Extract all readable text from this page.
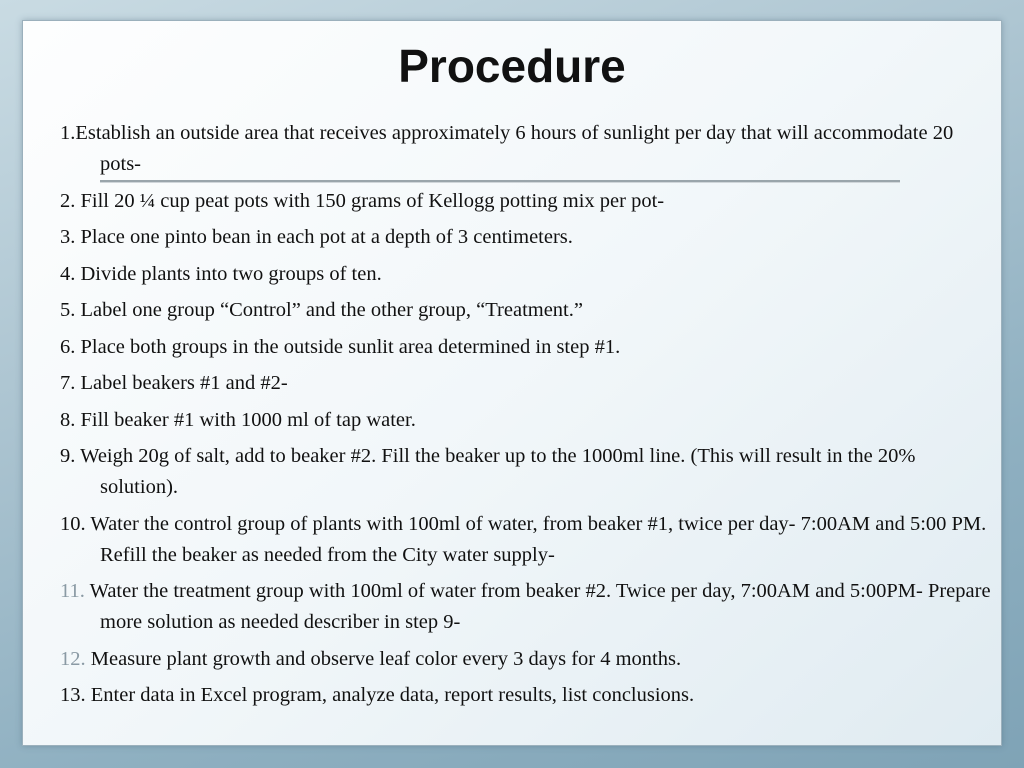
Procedure
1.Establish an outside area that receives approximately 6 hours of sunlight per day that will accommodate 20 pots-
2. Fill 20 ¼ cup peat pots with 150 grams of Kellogg potting mix per pot-
3. Place one pinto bean in each pot at a depth of 3 centimeters.
4. Divide plants into two groups of ten.
5. Label one group “Control” and the other group, “Treatment.”
6. Place both groups in the outside sunlit area determined in step #1.
7. Label beakers #1 and #2-
8. Fill beaker #1 with 1000 ml of tap water.
9. Weigh 20g of salt, add to beaker #2. Fill the beaker up to the 1000ml line. (This will result in the 20% solution).
10. Water the control group of plants with 100ml of water, from beaker #1, twice per day- 7:00AM and 5:00 PM. Refill the beaker as needed from the City water supply-
11. Water the treatment group with 100ml of water from beaker #2. Twice per day, 7:00AM and 5:00PM- Prepare more solution as needed describer in step 9-
12. Measure plant growth and observe leaf color every 3 days for 4 months.
13. Enter data in Excel program, analyze data, report results, list conclusions.
